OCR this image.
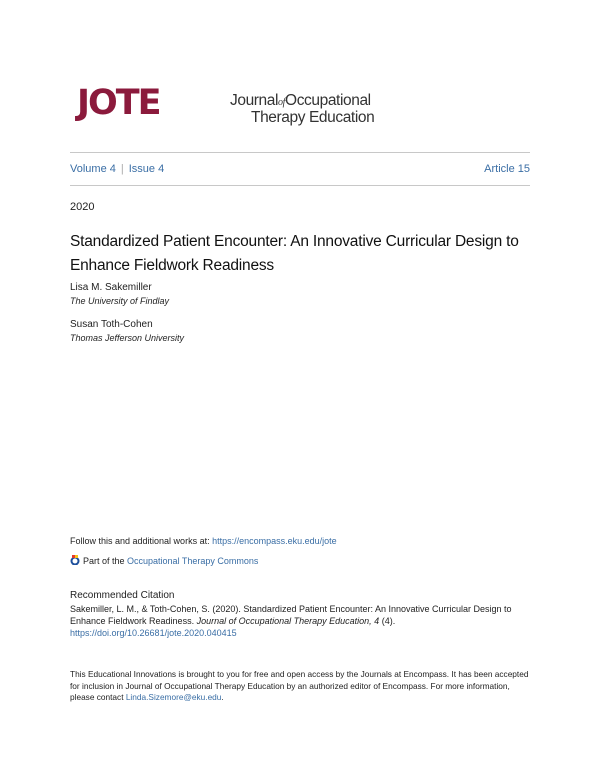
JOTE	JournalofOccupational
Therapy Education
Volume 4 | Issue 4	Article 15
2020
Standardized Patient Encounter: An Innovative Curricular Design to Enhance Fieldwork Readiness
Lisa M. Sakemiller
The University of Findlay
Susan Toth-Cohen
Thomas Jefferson University
Follow this and additional works at: https://encompass.eku.edu/jote
Part of the Occupational Therapy Commons
Recommended Citation
Sakemiller, L. M., & Toth-Cohen, S. (2020). Standardized Patient Encounter: An Innovative Curricular Design to Enhance Fieldwork Readiness. Journal of Occupational Therapy Education, 4 (4).
https://doi.org/10.26681/jote.2020.040415
This Educational Innovations is brought to you for free and open access by the Journals at Encompass. It has been accepted for inclusion in Journal of Occupational Therapy Education by an authorized editor of Encompass. For more information, please contact Linda.Sizemore@eku.edu.
